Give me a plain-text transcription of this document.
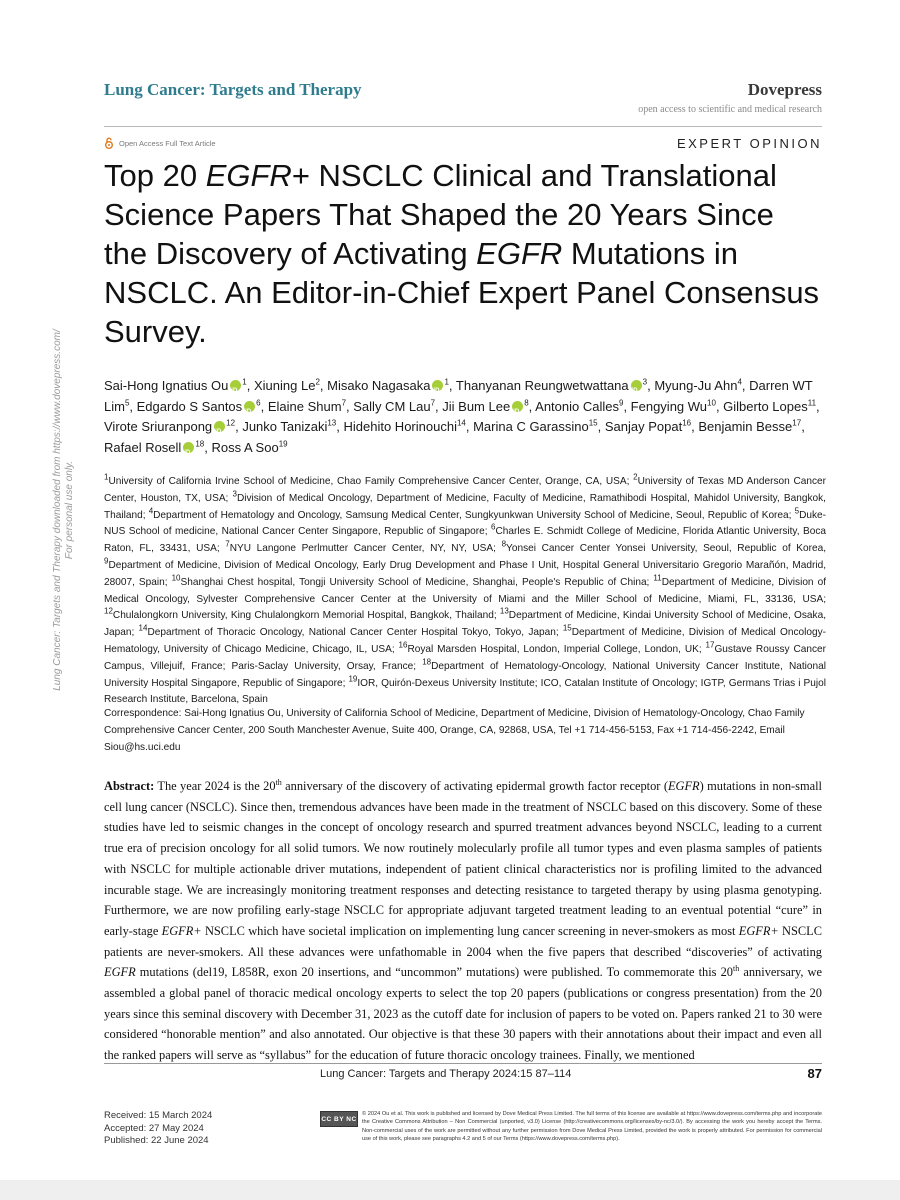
Lung Cancer: Targets and Therapy	Dovepress
open access to scientific and medical research
Open Access Full Text Article	EXPERT OPINION
Top 20 EGFR+ NSCLC Clinical and Translational Science Papers That Shaped the 20 Years Since the Discovery of Activating EGFR Mutations in NSCLC. An Editor-in-Chief Expert Panel Consensus Survey.
Sai-Hong Ignatius Ou iD $^1$, Xiuning Le$^2$, Misako Nagasaka iD $^1$, Thanyanan Reungwetwattana iD $^3$, Myung-Ju Ahn$^4$, Darren WT Lim$^5$, Edgardo S Santos iD $^6$, Elaine Shum$^7$, Sally CM Lau$^7$, Jii Bum Lee iD $^8$, Antonio Calles$^9$, Fengying Wu$^{10}$, Gilberto Lopes$^{11}$, Virote Sriuranpong iD $^{12}$, Junko Tanizaki$^{13}$, Hidehito Horinouchi$^{14}$, Marina C Garassino$^{15}$, Sanjay Popat$^{16}$, Benjamin Besse$^{17}$, Rafael Rosell iD $^{18}$, Ross A Soo$^{19}$
$^1$University of California Irvine School of Medicine, Chao Family Comprehensive Cancer Center, Orange, CA, USA; $^2$University of Texas MD Anderson Cancer Center, Houston, TX, USA; $^3$Division of Medical Oncology, Department of Medicine, Faculty of Medicine, Ramathibodi Hospital, Mahidol University, Bangkok, Thailand; $^4$Department of Hematology and Oncology, Samsung Medical Center, Sungkyunkwan University School of Medicine, Seoul, Republic of Korea; $^5$Duke-NUS School of medicine, National Cancer Center Singapore, Republic of Singapore; $^6$Charles E. Schmidt College of Medicine, Florida Atlantic University, Boca Raton, FL, 33431, USA; $^7$NYU Langone Perlmutter Cancer Center, NY, NY, USA; $^8$Yonsei Cancer Center Yonsei University, Seoul, Republic of Korea, $^9$Department of Medicine, Division of Medical Oncology, Early Drug Development and Phase I Unit, Hospital General Universitario Gregorio Marañón, Madrid, 28007, Spain; $^{10}$Shanghai Chest hospital, Tongji University School of Medicine, Shanghai, People's Republic of China; $^{11}$Department of Medicine, Division of Medical Oncology, Sylvester Comprehensive Cancer Center at the University of Miami and the Miller School of Medicine, Miami, FL, 33136, USA; $^{12}$Chulalongkorn University, King Chulalongkorn Memorial Hospital, Bangkok, Thailand; $^{13}$Department of Medicine, Kindai University School of Medicine, Osaka, Japan; $^{14}$Department of Thoracic Oncology, National Cancer Center Hospital Tokyo, Tokyo, Japan; $^{15}$Department of Medicine, Division of Medical Oncology-Hematology, University of Chicago Medicine, Chicago, IL, USA; $^{16}$Royal Marsden Hospital, London, Imperial College, London, UK; $^{17}$Gustave Roussy Cancer Campus, Villejuif, France; Paris-Saclay University, Orsay, France; $^{18}$Department of Hematology-Oncology, National University Cancer Institute, National University Hospital Singapore, Republic of Singapore; $^{19}$IOR, Quirón-Dexeus University Institute; ICO, Catalan Institute of Oncology; IGTP, Germans Trias i Pujol Research Institute, Barcelona, Spain
Correspondence: Sai-Hong Ignatius Ou, University of California School of Medicine, Department of Medicine, Division of Hematology-Oncology, Chao Family Comprehensive Cancer Center, 200 South Manchester Avenue, Suite 400, Orange, CA, 92868, USA, Tel +1 714-456-5153, Fax +1 714-456-2242, Email Siou@hs.uci.edu
Abstract: The year 2024 is the 20th anniversary of the discovery of activating epidermal growth factor receptor (EGFR) mutations in non-small cell lung cancer (NSCLC). Since then, tremendous advances have been made in the treatment of NSCLC based on this discovery. Some of these studies have led to seismic changes in the concept of oncology research and spurred treatment advances beyond NSCLC, leading to a current true era of precision oncology for all solid tumors. We now routinely molecularly profile all tumor types and even plasma samples of patients with NSCLC for multiple actionable driver mutations, independent of patient clinical characteristics nor is profiling limited to the advanced incurable stage. We are increasingly monitoring treatment responses and detecting resistance to targeted therapy by using plasma genotyping. Furthermore, we are now profiling early-stage NSCLC for appropriate adjuvant targeted treatment leading to an eventual potential “cure” in early-stage EGFR+ NSCLC which have societal implication on implementing lung cancer screening in never-smokers as most EGFR+ NSCLC patients are never-smokers. All these advances were unfathomable in 2004 when the five papers that described “discoveries” of activating EGFR mutations (del19, L858R, exon 20 insertions, and “uncommon” mutations) were published. To commemorate this 20th anniversary, we assembled a global panel of thoracic medical oncology experts to select the top 20 papers (publications or congress presentation) from the 20 years since this seminal discovery with December 31, 2023 as the cutoff date for inclusion of papers to be voted on. Papers ranked 21 to 30 were considered “honorable mention” and also annotated. Our objective is that these 30 papers with their annotations about their impact and even all the ranked papers will serve as “syllabus” for the education of future thoracic oncology trainees. Finally, we mentioned
Lung Cancer: Targets and Therapy 2024:15 87–114	87
Received: 15 March 2024
Accepted: 27 May 2024
Published: 22 June 2024
CC BY NC
© 2024 Ou et al. This work is published and licensed by Dove Medical Press Limited. The full terms of this license are available at https://www.dovepress.com/terms.php and incorporate the Creative Commons Attribution – Non Commercial (unported, v3.0) License (http://creativecommons.org/licenses/by-nc/3.0/). By accessing the work you hereby accept the Terms. Non-commercial uses of the work are permitted without any further permission from Dove Medical Press Limited, provided the work is properly attributed. For permission for commercial use of this work, please see paragraphs 4.2 and 5 of our Terms (https://www.dovepress.com/terms.php).
Lung Cancer: Targets and Therapy downloaded from https://www.dovepress.com/ For personal use only.
